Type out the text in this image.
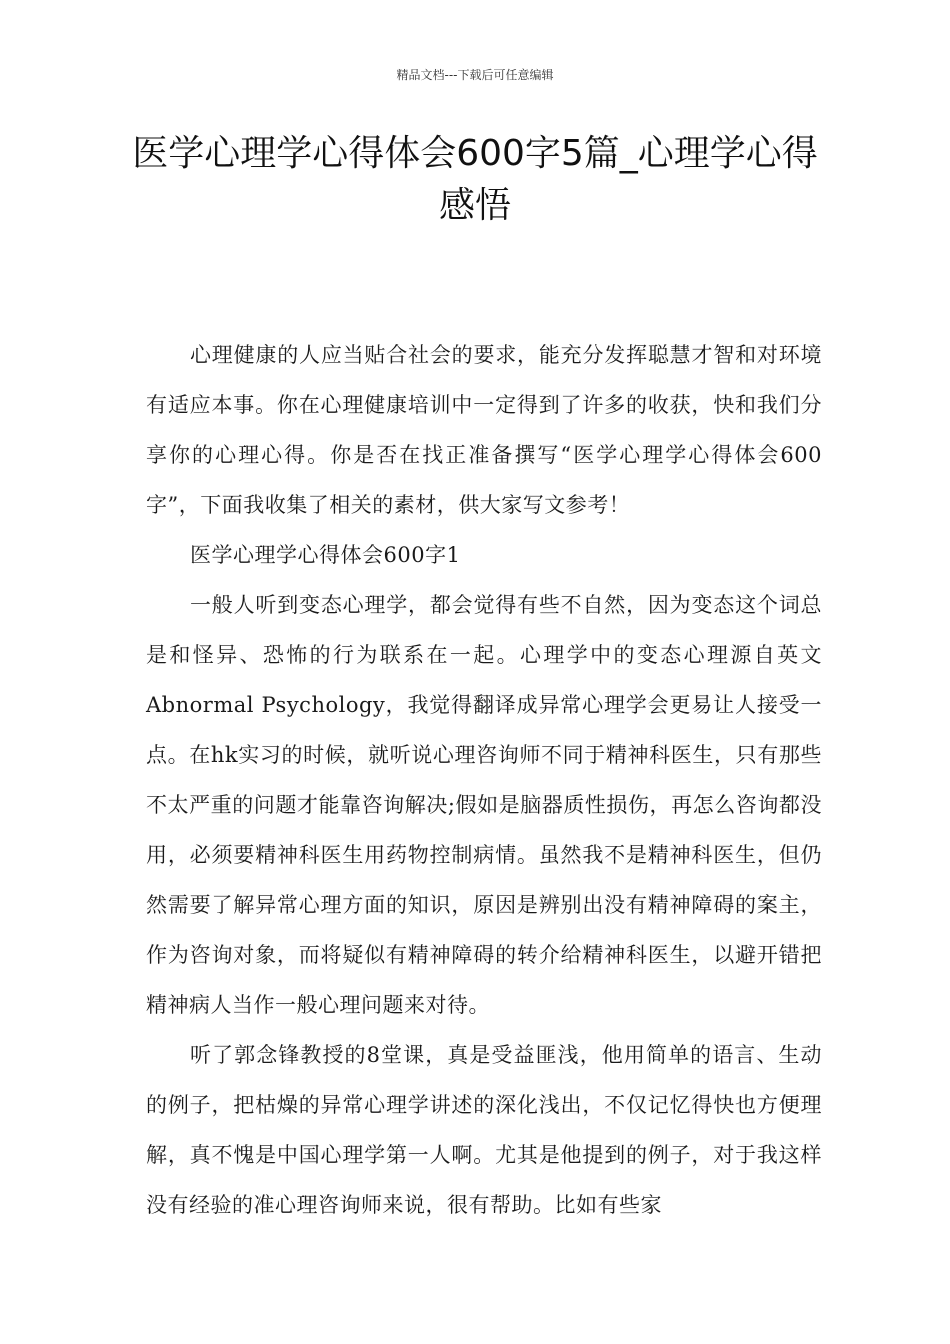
精品文档---下载后可任意编辑
医学心理学心得体会600字5篇_心理学心得感悟

心理健康的人应当贴合社会的要求，能充分发挥聪慧才智和对环境有适应本事。你在心理健康培训中一定得到了许多的收获，快和我们分享你的心理心得。你是否在找正准备撰写“医学心理学心得体会600字”，下面我收集了相关的素材，供大家写文参考！

医学心理学心得体会600字1

一般人听到变态心理学，都会觉得有些不自然，因为变态这个词总是和怪异、恐怖的行为联系在一起。心理学中的变态心理源自英文Abnormal Psychology，我觉得翻译成异常心理学会更易让人接受一点。在hk实习的时候，就听说心理咨询师不同于精神科医生，只有那些不太严重的问题才能靠咨询解决;假如是脑器质性损伤，再怎么咨询都没用，必须要精神科医生用药物控制病情。虽然我不是精神科医生，但仍然需要了解异常心理方面的知识，原因是辨别出没有精神障碍的案主，作为咨询对象，而将疑似有精神障碍的转介给精神科医生，以避开错把精神病人当作一般心理问题来对待。

听了郭念锋教授的8堂课，真是受益匪浅，他用简单的语言、生动的例子，把枯燥的异常心理学讲述的深化浅出，不仅记忆得快也方便理解，真不愧是中国心理学第一人啊。尤其是他提到的例子，对于我这样没有经验的准心理咨询师来说，很有帮助。比如有些家
